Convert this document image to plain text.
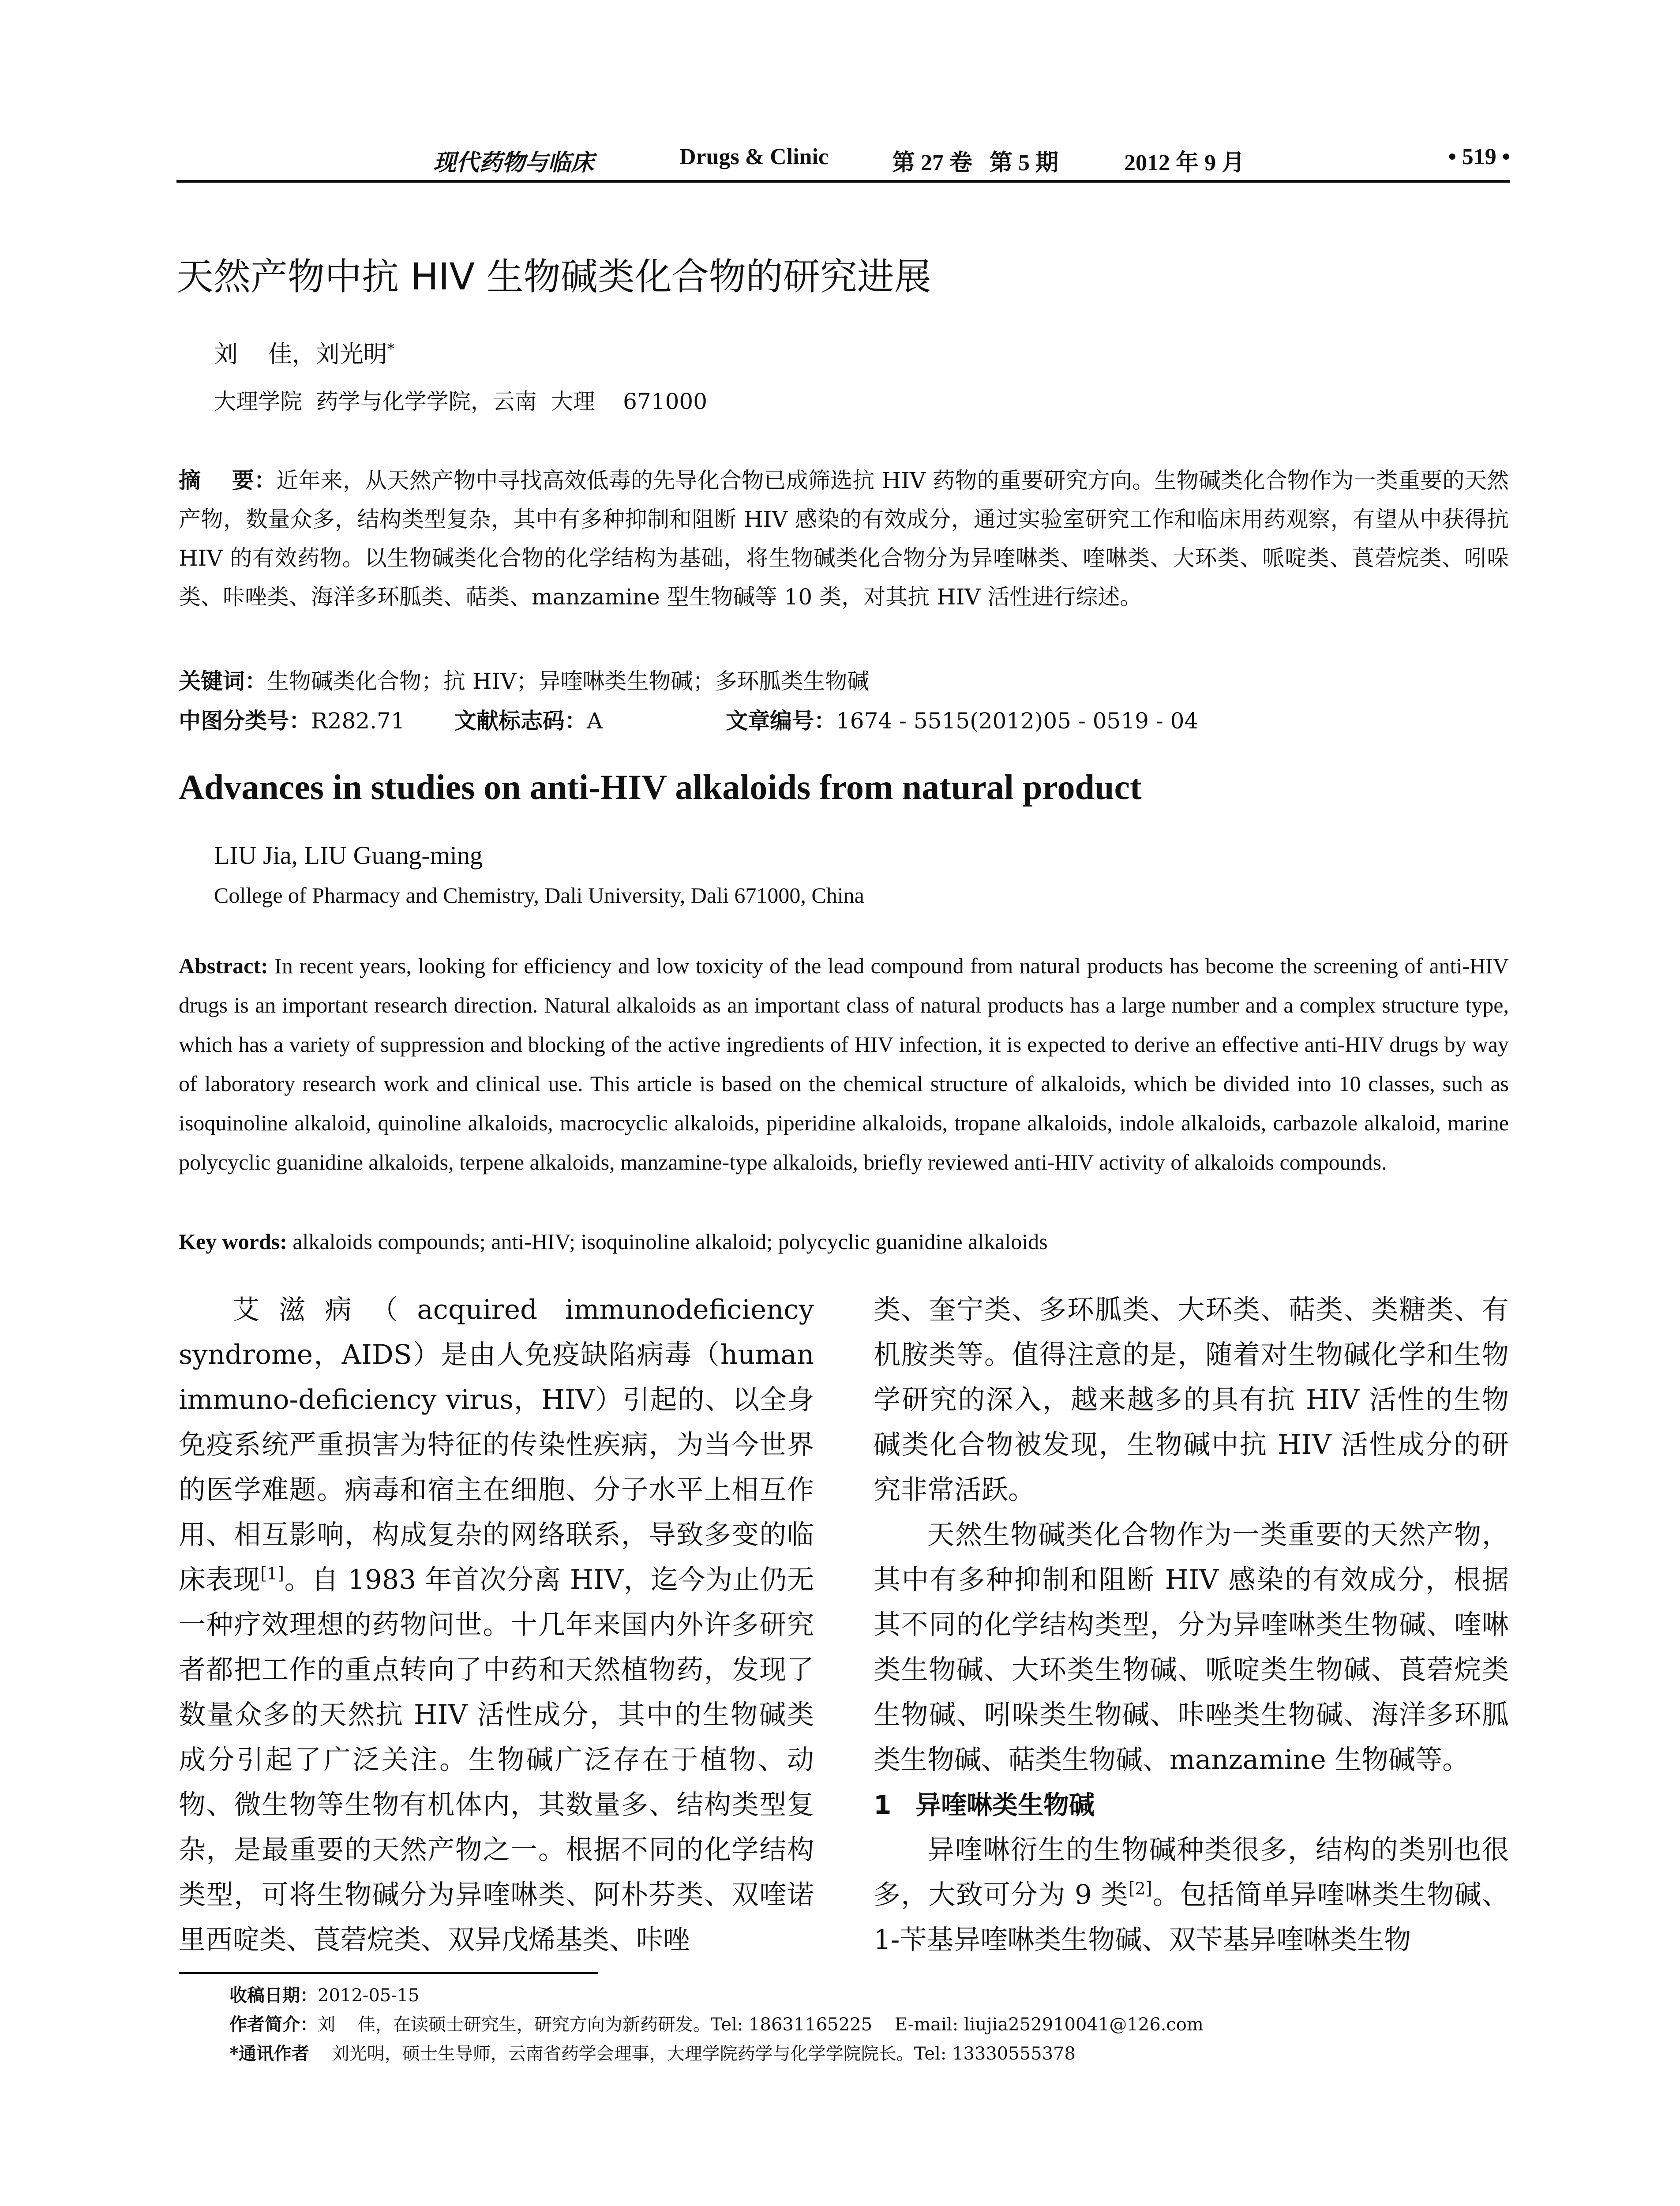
现代药物与临床	Drugs & Clinic	第 27 卷   第 5 期	2012 年 9 月	• 519 •
天然产物中抗 HIV 生物碱类化合物的研究进展
刘    佳，刘光明*
大理学院  药学与化学学院，云南  大理    671000
摘    要：近年来，从天然产物中寻找高效低毒的先导化合物已成筛选抗 HIV 药物的重要研究方向。生物碱类化合物作为一类重要的天然产物，数量众多，结构类型复杂，其中有多种抑制和阻断 HIV 感染的有效成分，通过实验室研究工作和临床用药观察，有望从中获得抗 HIV 的有效药物。以生物碱类化合物的化学结构为基础，将生物碱类化合物分为异喹啉类、喹啉类、大环类、哌啶类、莨菪烷类、吲哚类、咔唑类、海洋多环胍类、萜类、manzamine 型生物碱等 10 类，对其抗 HIV 活性进行综述。
关键词：生物碱类化合物；抗 HIV；异喹啉类生物碱；多环胍类生物碱
中图分类号：R282.71 文献标志码：A	文章编号：1674 - 5515(2012)05 - 0519 - 04
Advances in studies on anti-HIV alkaloids from natural product
LIU Jia, LIU Guang-ming
College of Pharmacy and Chemistry, Dali University, Dali 671000, China
Abstract: In recent years, looking for efficiency and low toxicity of the lead compound from natural products has become the screening of anti-HIV drugs is an important research direction. Natural alkaloids as an important class of natural products has a large number and a complex structure type, which has a variety of suppression and blocking of the active ingredients of HIV infection, it is expected to derive an effective anti-HIV drugs by way of laboratory research work and clinical use. This article is based on the chemical structure of alkaloids, which be divided into 10 classes, such as isoquinoline alkaloid, quinoline alkaloids, macrocyclic alkaloids, piperidine alkaloids, tropane alkaloids, indole alkaloids, carbazole alkaloid, marine polycyclic guanidine alkaloids, terpene alkaloids, manzamine-type alkaloids, briefly reviewed anti-HIV activity of alkaloids compounds.
Key words: alkaloids compounds; anti-HIV; isoquinoline alkaloid; polycyclic guanidine alkaloids

艾滋病（acquired immunodeficiency syndrome，AIDS）是由人免疫缺陷病毒（human immuno-deficiency virus，HIV）引起的、以全身免疫系统严重损害为特征的传染性疾病，为当今世界的医学难题。病毒和宿主在细胞、分子水平上相互作用、相互影响，构成复杂的网络联系，导致多变的临床表现[1]。自 1983 年首次分离 HIV，迄今为止仍无一种疗效理想的药物问世。十几年来国内外许多研究者都把工作的重点转向了中药和天然植物药，发现了数量众多的天然抗 HIV 活性成分，其中的生物碱类成分引起了广泛关注。生物碱广泛存在于植物、动物、微生物等生物有机体内，其数量多、结构类型复杂，是最重要的天然产物之一。根据不同的化学结构类型，可将生物碱分为异喹啉类、阿朴芬类、双喹诺里西啶类、莨菪烷类、双异戊烯基类、咔唑

类、奎宁类、多环胍类、大环类、萜类、类糖类、有机胺类等。值得注意的是，随着对生物碱化学和生物学研究的深入，越来越多的具有抗 HIV 活性的生物碱类化合物被发现，生物碱中抗 HIV 活性成分的研究非常活跃。

天然生物碱类化合物作为一类重要的天然产物，其中有多种抑制和阻断 HIV 感染的有效成分，根据其不同的化学结构类型，分为异喹啉类生物碱、喹啉类生物碱、大环类生物碱、哌啶类生物碱、莨菪烷类生物碱、吲哚类生物碱、咔唑类生物碱、海洋多环胍类生物碱、萜类生物碱、manzamine 生物碱等。

1 异喹啉类生物碱

异喹啉衍生的生物碱种类很多，结构的类别也很多，大致可分为 9 类[2]。包括简单异喹啉类生物碱、1-苄基异喹啉类生物碱、双苄基异喹啉类生物

收稿日期：2012-05-15
作者简介：刘    佳，在读硕士研究生，研究方向为新药研发。Tel: 18631165225    E-mail: liujia252910041@126.com
*通讯作者    刘光明，硕士生导师，云南省药学会理事，大理学院药学与化学学院院长。Tel: 13330555378
